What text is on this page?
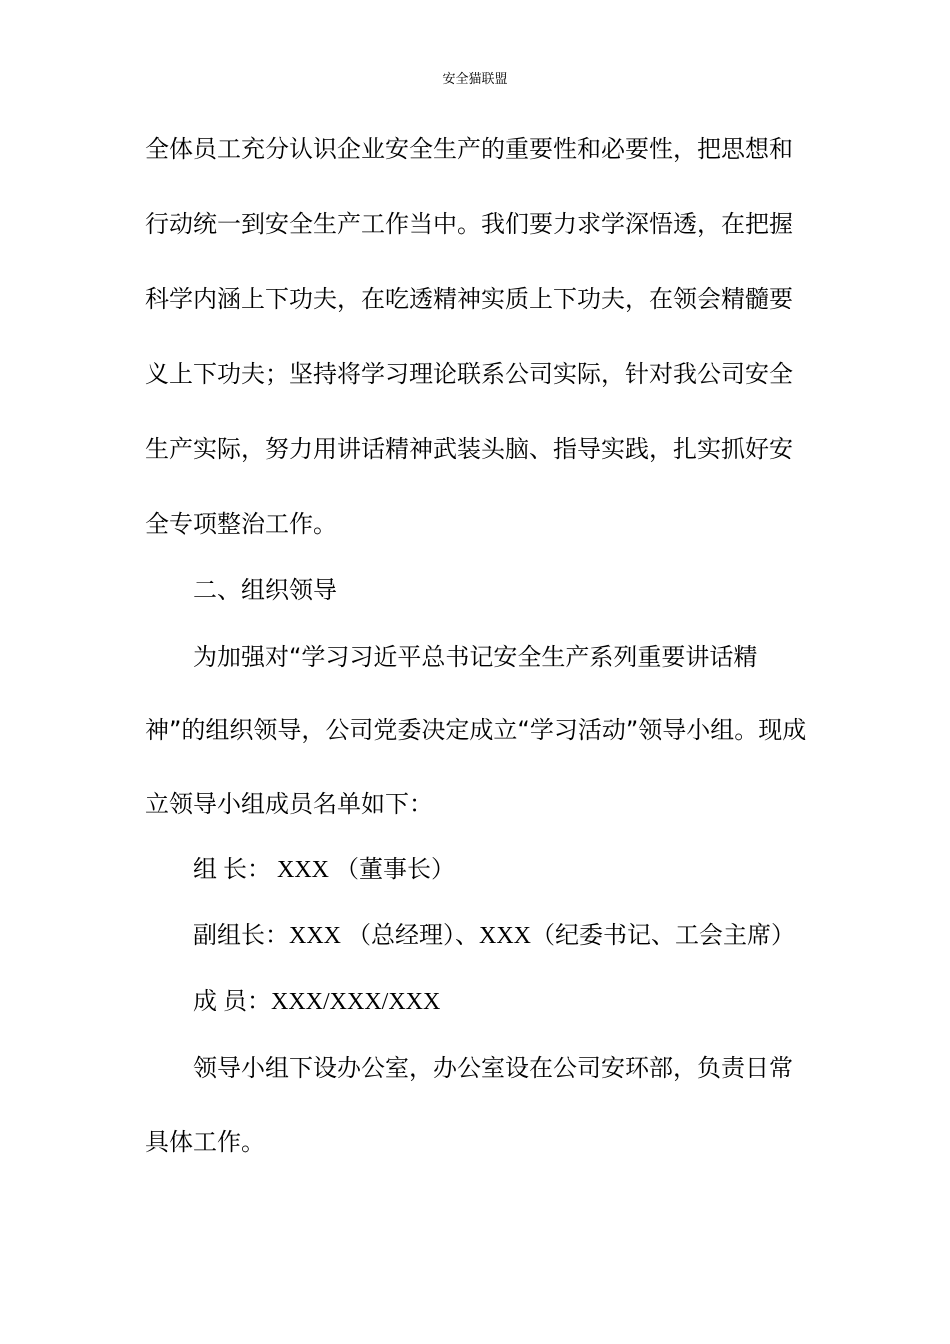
安全猫联盟
全体员工充分认识企业安全生产的重要性和必要性，把思想和
行动统一到安全生产工作当中。我们要力求学深悟透，在把握
科学内涵上下功夫，在吃透精神实质上下功夫，在领会精髓要
义上下功夫；坚持将学习理论联系公司实际，针对我公司安全
生产实际，努力用讲话精神武装头脑、指导实践，扎实抓好安
全专项整治工作。
二、组织领导
为加强对“学习习近平总书记安全生产系列重要讲话精
神”的组织领导，公司党委决定成立“学习活动”领导小组。现成
立领导小组成员名单如下：
组 长： XXX （董事长）
副组长：XXX （总经理）、XXX（纪委书记、工会主席）
成 员：XXX/XXX/XXX
领导小组下设办公室，办公室设在公司安环部，负责日常
具体工作。
